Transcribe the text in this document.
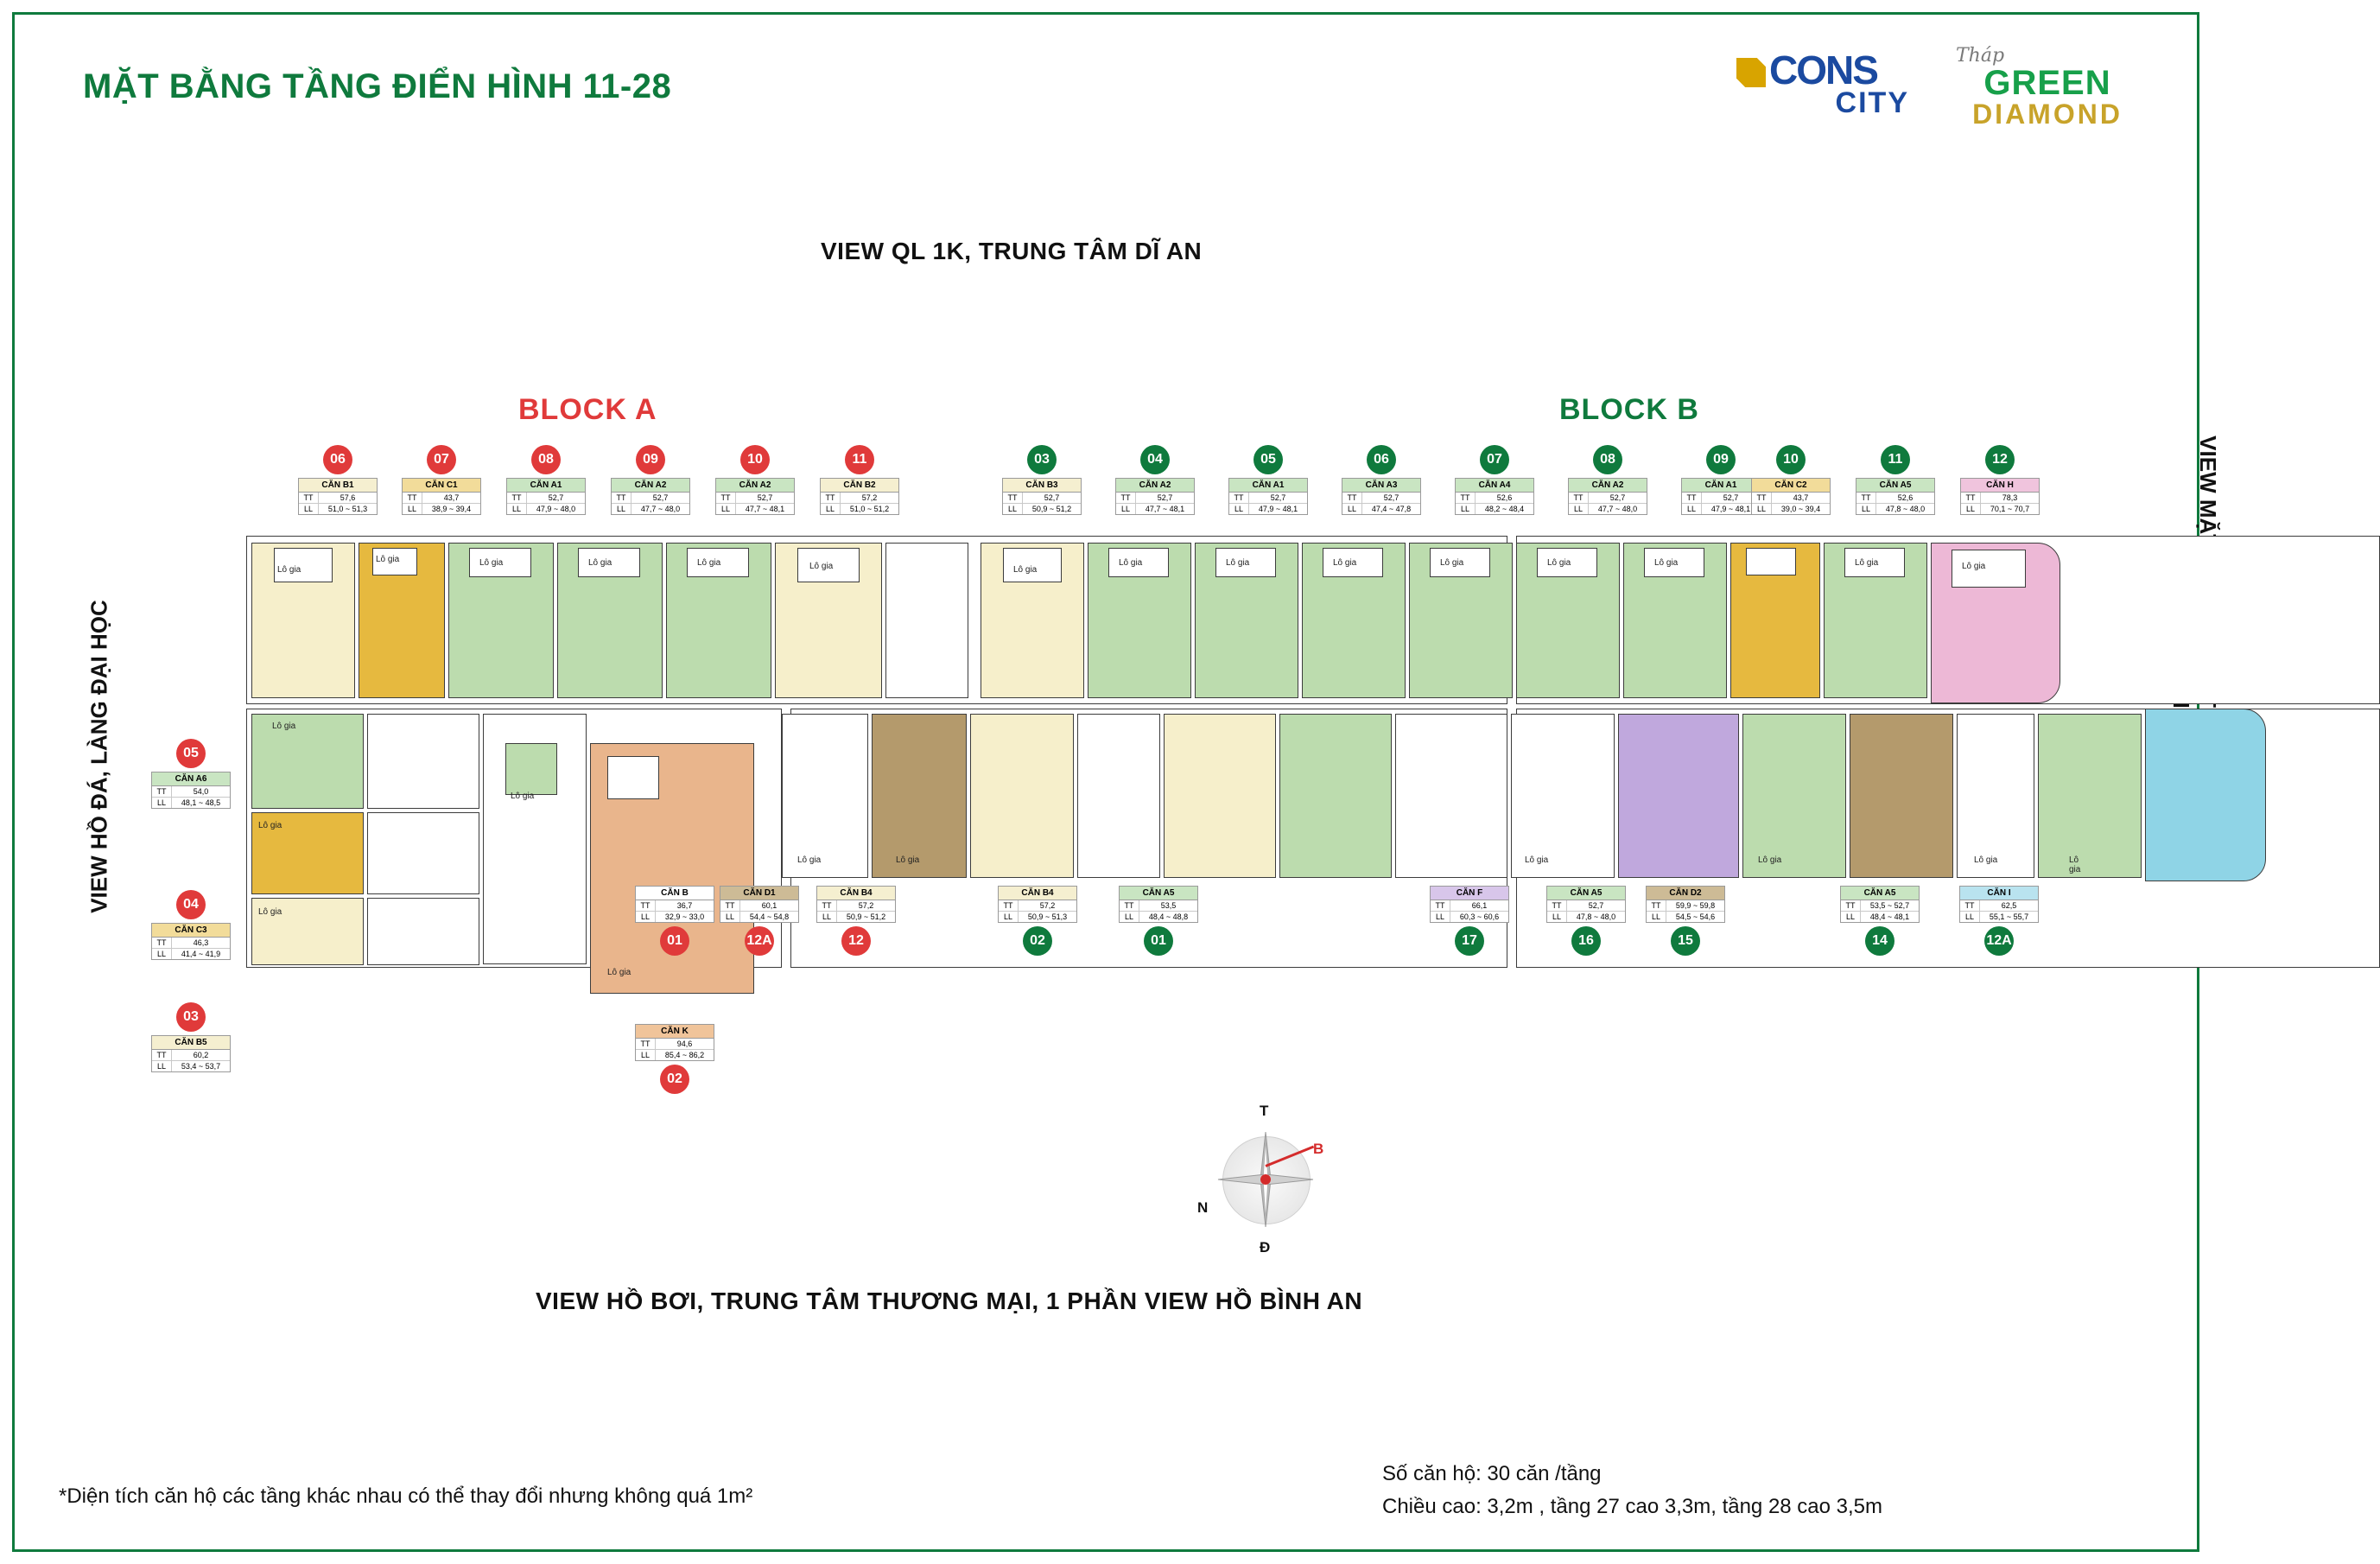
MẶT BẰNG TẦNG ĐIỂN HÌNH 11-28	CONS
CITY
Tháp
GREEN
DIAMOND
VIEW QL 1K, TRUNG TÂM DĨ AN
VIEW HỒ BƠI, TRUNG TÂM THƯƠNG MẠI, 1 PHẦN VIEW HỒ BÌNH AN
VIEW HỒ ĐÁ, LÀNG ĐẠI HỌC
BLOCK A	BLOCK B
Lô gia
Lô gia	Lô gia	Lô gia	Lô gia	Lô gia	Lô gia
Lô gia	Lô gia	Lô gia	Lô gia	Lô gia	Lô gia	Lô gia	Lô gia
Lô gia
Lô gia
Lô gia
Lô gia
Lô gia
Lô gia	Lô gia	Lô gia	Lô gia	Lô gia	Lô gia
06
CĂN B1
TT	57,6
LL	51,0 ~ 51,3
07
CĂN C1
TT	43,7
LL	38,9 ~ 39,4
08
CĂN A1
TT	52,7
LL	47,9 ~ 48,0
09
CĂN A2
TT	52,7
LL	47,7 ~ 48,0
10
CĂN A2
TT	52,7
LL	47,7 ~ 48,1
11
CĂN B2
TT	57,2
LL	51,0 ~ 51,2
03
CĂN B3
TT	52,7
LL	50,9 ~ 51,2
04
CĂN A2
TT	52,7
LL	47,7 ~ 48,1
05
CĂN A1
TT	52,7
LL	47,9 ~ 48,1
06
CĂN A3
TT	52,7
LL	47,4 ~ 47,8
07
CĂN A4
TT	52,6
LL	48,2 ~ 48,4
08
CĂN A2
TT	52,7
LL	47,7 ~ 48,0
09
CĂN A1
TT	52,7
LL	47,9 ~ 48,1
10
CĂN C2
TT	43,7
LL	39,0 ~ 39,4
11
CĂN A5
TT	52,6
LL	47,8 ~ 48,0
12
CĂN H
TT	78,3
LL	70,1 ~ 70,7
05
CĂN A6
TT	54,0
LL	48,1 ~ 48,5
04
CĂN C3
TT	46,3
LL	41,4 ~ 41,9
03
CĂN B5
TT	60,2
LL	53,4 ~ 53,7
CĂN B
TT	36,7
LL	32,9 ~ 33,0
01
CĂN D1
TT	60,1
LL	54,4 ~ 54,8
12A
CĂN B4
TT	57,2
LL	50,9 ~ 51,2
12
CĂN B4
TT	57,2
LL	50,9 ~ 51,3
02
CĂN A5
TT	53,5
LL	48,4 ~ 48,8
01
CĂN F
TT	66,1
LL	60,3 ~ 60,6
17
CĂN A5
TT	52,7
LL	47,8 ~ 48,0
16
CĂN D2
TT	59,9 ~ 59,8
LL	54,5 ~ 54,6
15
CĂN A5
TT	53,5 ~ 52,7
LL	48,4 ~ 48,1
14
CĂN I
TT	62,5
LL	55,1 ~ 55,7
12A
CĂN K
TT	94,6
LL	85,4 ~ 86,2
02
T
B
N
Đ
*Diện tích căn hộ các tầng khác nhau có thể thay đổi nhưng không quá 1m²
Số căn hộ: 30 căn /tầng
Chiều cao: 3,2m , tầng 27 cao 3,3m, tầng 28 cao 3,5m
